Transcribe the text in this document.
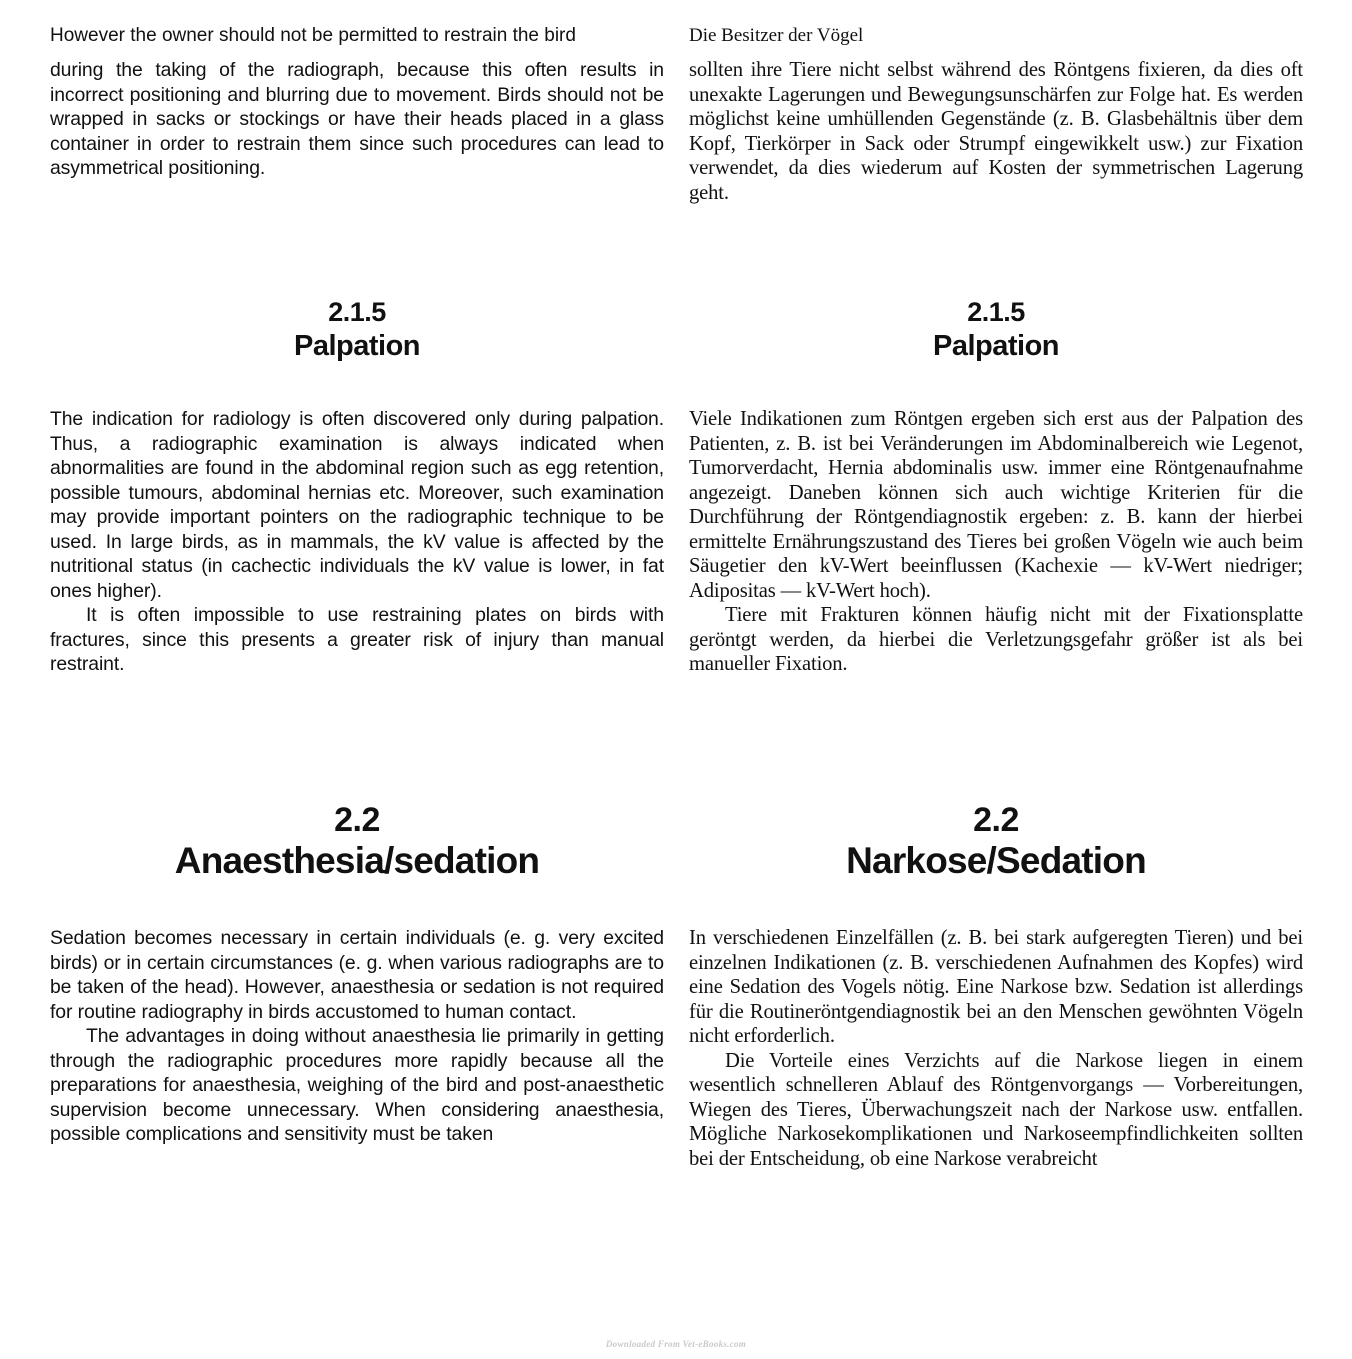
However the owner should not be permitted to restrain the bird	Die Besitzer der Vögel

during the taking of the radiograph, because this often results in incorrect positioning and blurring due to movement. Birds should not be wrapped in sacks or stockings or have their heads placed in a glass container in order to restrain them since such procedures can lead to asymmetrical positioning.

sollten ihre Tiere nicht selbst während des Röntgens fixieren, da dies oft unexakte Lagerungen und Bewegungsunschärfen zur Folge hat. Es werden möglichst keine umhüllenden Gegenstände (z. B. Glasbehältnis über dem Kopf, Tierkörper in Sack oder Strumpf eingewikkelt usw.) zur Fixation verwendet, da dies wiederum auf Kosten der symmetrischen Lagerung geht.

2.1.5
Palpation
2.1.5
Palpation

The indication for radiology is often discovered only during palpation. Thus, a radiographic examination is always indicated when abnormalities are found in the abdominal region such as egg retention, possible tumours, abdominal hernias etc. Moreover, such examination may provide important pointers on the radiographic technique to be used. In large birds, as in mammals, the kV value is affected by the nutritional status (in cachectic individuals the kV value is lower, in fat ones higher).

It is often impossible to use restraining plates on birds with fractures, since this presents a greater risk of injury than manual restraint.

Viele Indikationen zum Röntgen ergeben sich erst aus der Palpation des Patienten, z. B. ist bei Veränderungen im Abdominalbereich wie Legenot, Tumorverdacht, Hernia abdominalis usw. immer eine Röntgenaufnahme angezeigt. Daneben können sich auch wichtige Kriterien für die Durchführung der Röntgendiagnostik ergeben: z. B. kann der hierbei ermittelte Ernährungszustand des Tieres bei großen Vögeln wie auch beim Säugetier den kV-Wert beeinflussen (Kachexie — kV-Wert niedriger; Adipositas — kV-Wert hoch).

Tiere mit Frakturen können häufig nicht mit der Fixationsplatte geröntgt werden, da hierbei die Verletzungsgefahr größer ist als bei manueller Fixation.

2.2
Anaesthesia/sedation
2.2
Narkose/Sedation

Sedation becomes necessary in certain individuals (e. g. very excited birds) or in certain circumstances (e. g. when various radiographs are to be taken of the head). However, anaesthesia or sedation is not required for routine radiography in birds accustomed to human contact.

The advantages in doing without anaesthesia lie primarily in getting through the radiographic procedures more rapidly because all the preparations for anaesthesia, weighing of the bird and post-anaesthetic supervision become unnecessary. When considering anaesthesia, possible complications and sensitivity must be taken

In verschiedenen Einzelfällen (z. B. bei stark aufgeregten Tieren) und bei einzelnen Indikationen (z. B. verschiedenen Aufnahmen des Kopfes) wird eine Sedation des Vogels nötig. Eine Narkose bzw. Sedation ist allerdings für die Routineröntgendiagnostik bei an den Menschen gewöhnten Vögeln nicht erforderlich.

Die Vorteile eines Verzichts auf die Narkose liegen in einem wesentlich schnelleren Ablauf des Röntgenvorgangs — Vorbereitungen, Wiegen des Tieres, Überwachungszeit nach der Narkose usw. entfallen. Mögliche Narkosekomplikationen und Narkoseempfindlichkeiten sollten bei der Entscheidung, ob eine Narkose verabreicht

Downloaded From Vet-eBooks.com
